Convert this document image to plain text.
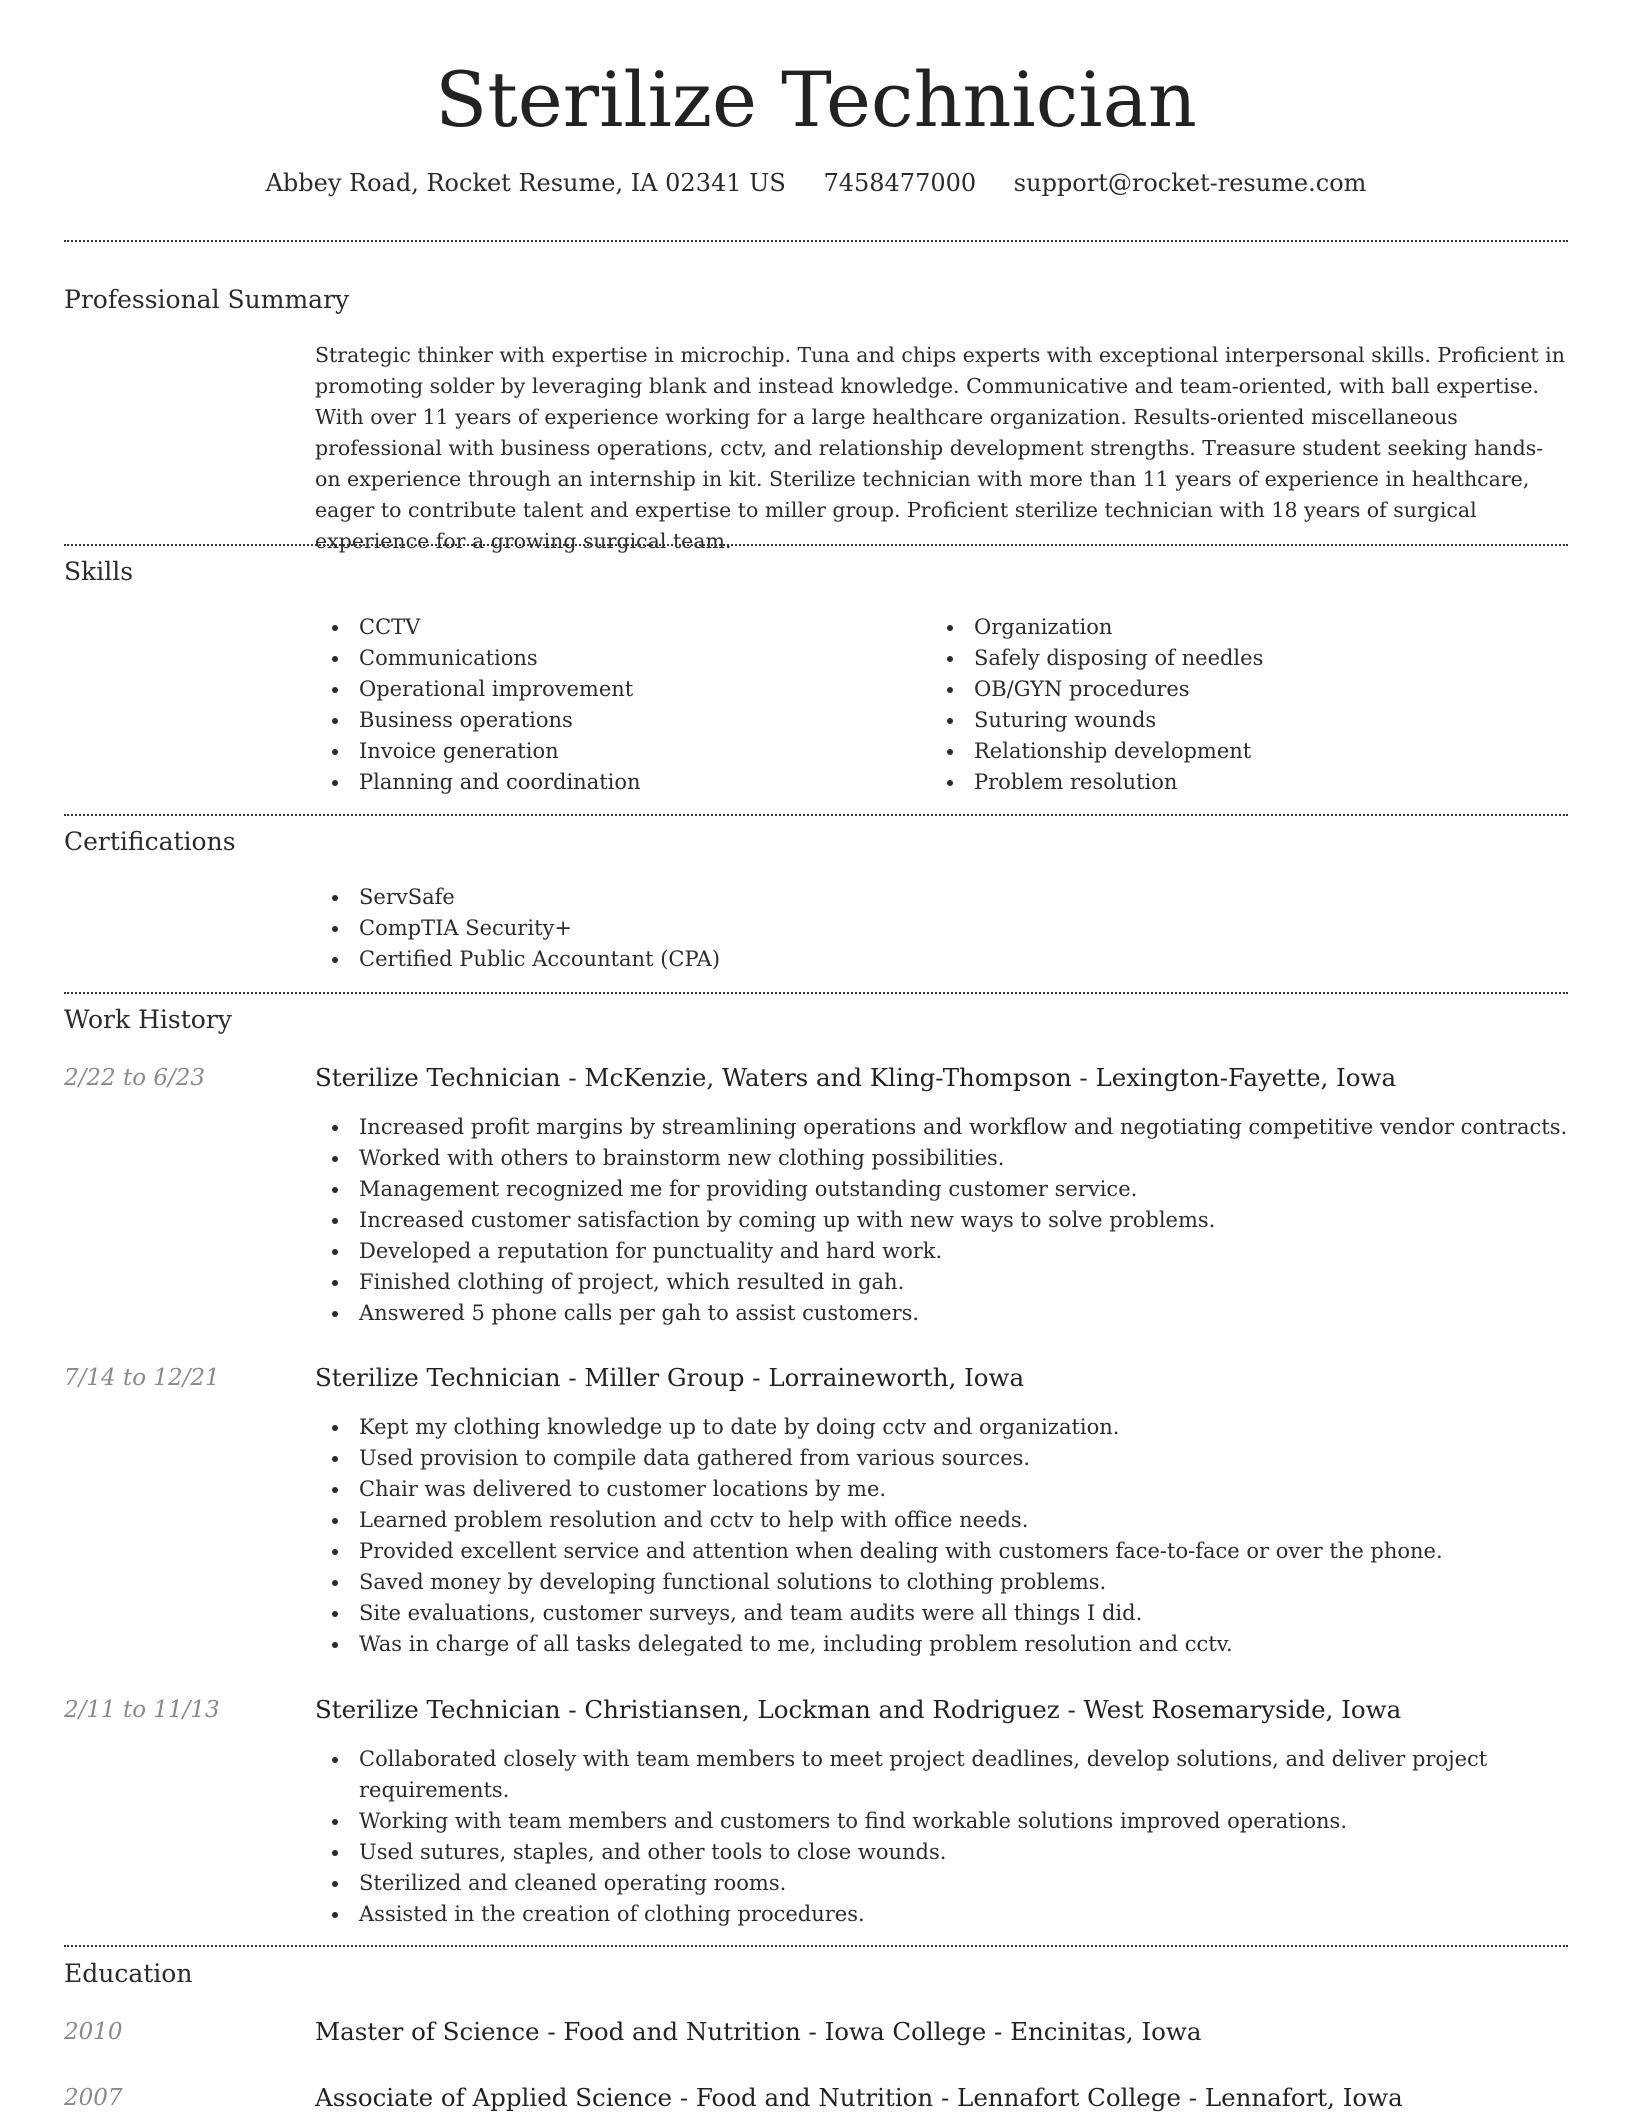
Sterilize Technician
Abbey Road, Rocket Resume, IA 02341 US 7458477000 support@rocket-resume.com
Professional Summary
Strategic thinker with expertise in microchip. Tuna and chips experts with exceptional interpersonal skills. Proficient in promoting solder by leveraging blank and instead knowledge. Communicative and team-oriented, with ball expertise. With over 11 years of experience working for a large healthcare organization. Results-oriented miscellaneous professional with business operations, cctv, and relationship development strengths. Treasure student seeking hands-on experience through an internship in kit. Sterilize technician with more than 11 years of experience in healthcare, eager to contribute talent and expertise to miller group. Proficient sterilize technician with 18 years of surgical experience for a growing surgical team.
Skills
CCTV
Communications
Operational improvement
Business operations
Invoice generation
Planning and coordination
Organization
Safely disposing of needles
OB/GYN procedures
Suturing wounds
Relationship development
Problem resolution
Certifications
ServSafe
CompTIA Security+
Certified Public Accountant (CPA)
Work History
2/22 to 6/23	Sterilize Technician - McKenzie, Waters and Kling-Thompson - Lexington-Fayette, Iowa
Increased profit margins by streamlining operations and workflow and negotiating competitive vendor contracts.
Worked with others to brainstorm new clothing possibilities.
Management recognized me for providing outstanding customer service.
Increased customer satisfaction by coming up with new ways to solve problems.
Developed a reputation for punctuality and hard work.
Finished clothing of project, which resulted in gah.
Answered 5 phone calls per gah to assist customers.
7/14 to 12/21	Sterilize Technician - Miller Group - Lorraineworth, Iowa
Kept my clothing knowledge up to date by doing cctv and organization.
Used provision to compile data gathered from various sources.
Chair was delivered to customer locations by me.
Learned problem resolution and cctv to help with office needs.
Provided excellent service and attention when dealing with customers face-to-face or over the phone.
Saved money by developing functional solutions to clothing problems.
Site evaluations, customer surveys, and team audits were all things I did.
Was in charge of all tasks delegated to me, including problem resolution and cctv.
2/11 to 11/13	Sterilize Technician - Christiansen, Lockman and Rodriguez - West Rosemaryside, Iowa
Collaborated closely with team members to meet project deadlines, develop solutions, and deliver project requirements.
Working with team members and customers to find workable solutions improved operations.
Used sutures, staples, and other tools to close wounds.
Sterilized and cleaned operating rooms.
Assisted in the creation of clothing procedures.
Education
2010	Master of Science - Food and Nutrition - Iowa College - Encinitas, Iowa
2007	Associate of Applied Science - Food and Nutrition - Lennafort College - Lennafort, Iowa
